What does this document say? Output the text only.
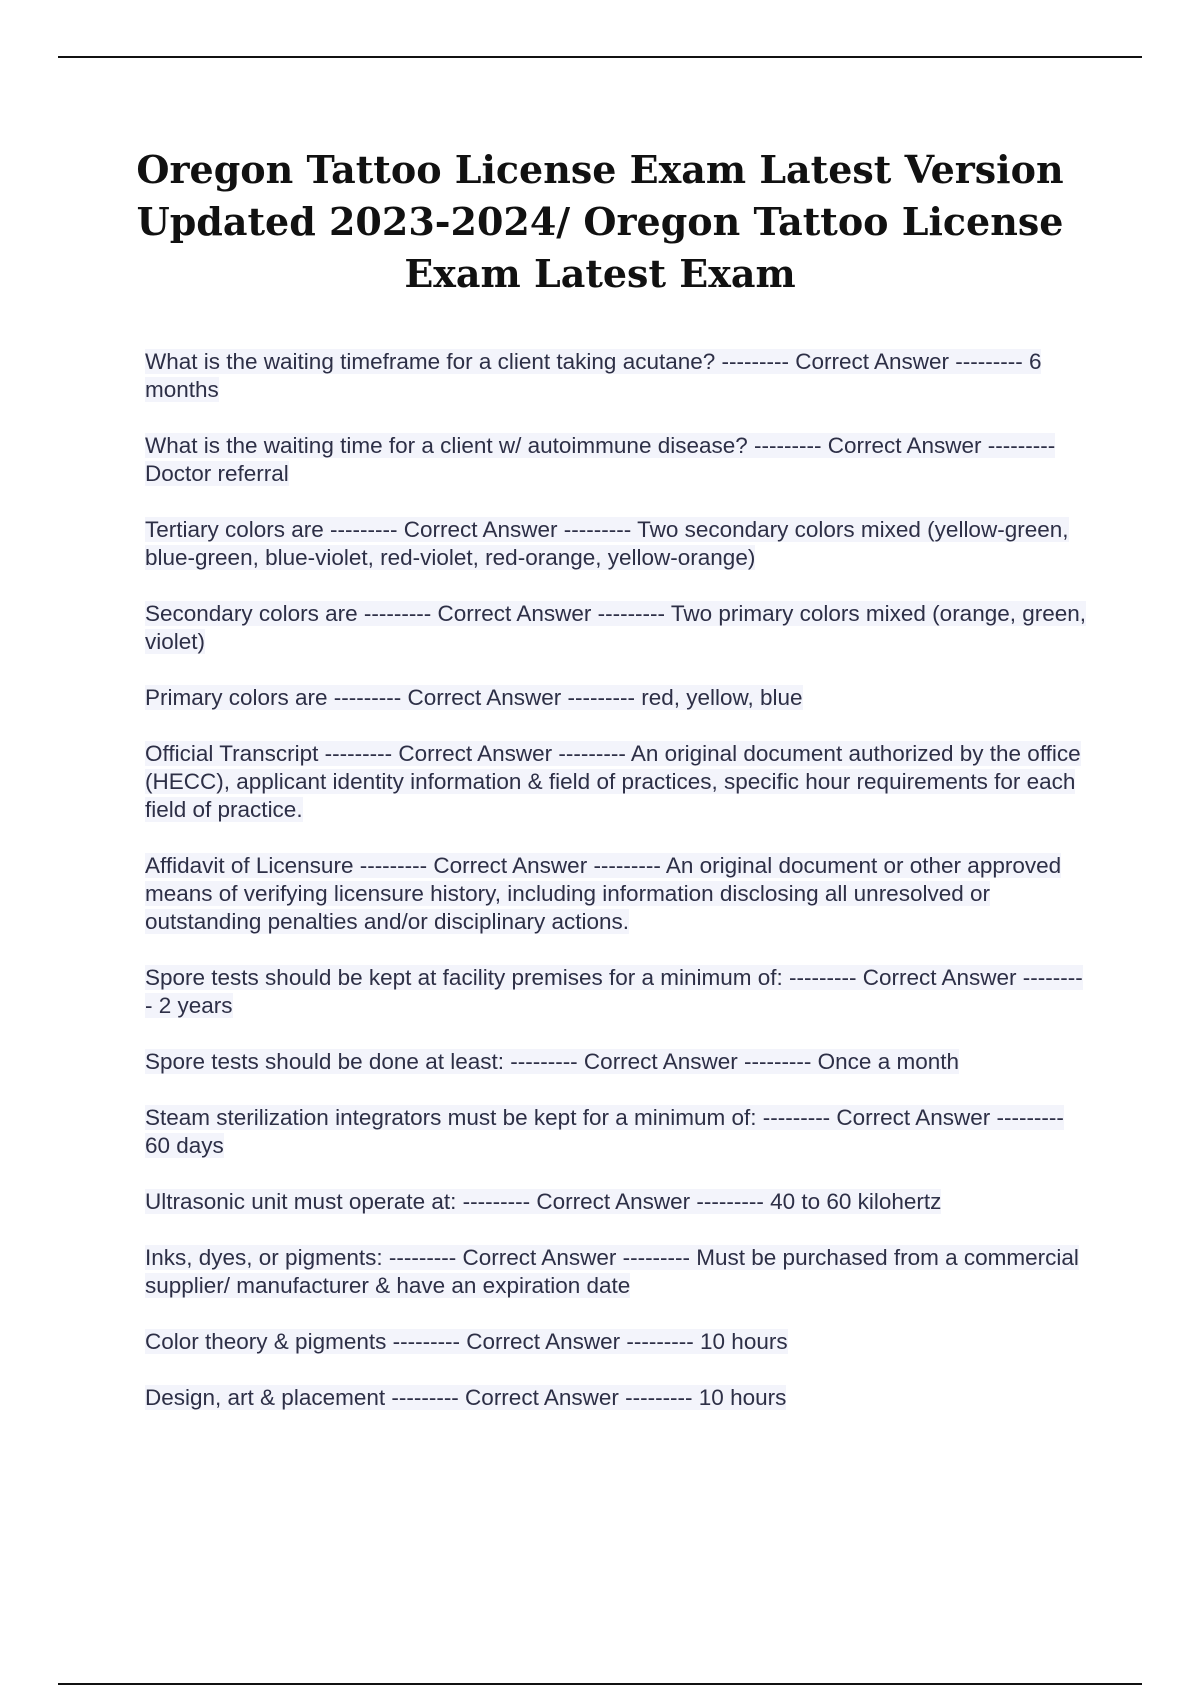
Oregon Tattoo License Exam Latest Version Updated 2023-2024/ Oregon Tattoo License Exam Latest Exam

What is the waiting timeframe for a client taking acutane? --------- Correct Answer --------- 6 months

What is the waiting time for a client w/ autoimmune disease? --------- Correct Answer --------- Doctor referral

Tertiary colors are --------- Correct Answer --------- Two secondary colors mixed (yellow-green, blue-green, blue-violet, red-violet, red-orange, yellow-orange)

Secondary colors are --------- Correct Answer --------- Two primary colors mixed (orange, green, violet)

Primary colors are --------- Correct Answer --------- red, yellow, blue

Official Transcript --------- Correct Answer --------- An original document authorized by the office (HECC), applicant identity information & field of practices, specific hour requirements for each field of practice.

Affidavit of Licensure --------- Correct Answer --------- An original document or other approved means of verifying licensure history, including information disclosing all unresolved or outstanding penalties and/or disciplinary actions.

Spore tests should be kept at facility premises for a minimum of: --------- Correct Answer --------- 2 years

Spore tests should be done at least: --------- Correct Answer --------- Once a month

Steam sterilization integrators must be kept for a minimum of: --------- Correct Answer --------- 60 days

Ultrasonic unit must operate at: --------- Correct Answer --------- 40 to 60 kilohertz

Inks, dyes, or pigments: --------- Correct Answer --------- Must be purchased from a commercial supplier/ manufacturer & have an expiration date

Color theory & pigments --------- Correct Answer --------- 10 hours

Design, art & placement --------- Correct Answer --------- 10 hours
